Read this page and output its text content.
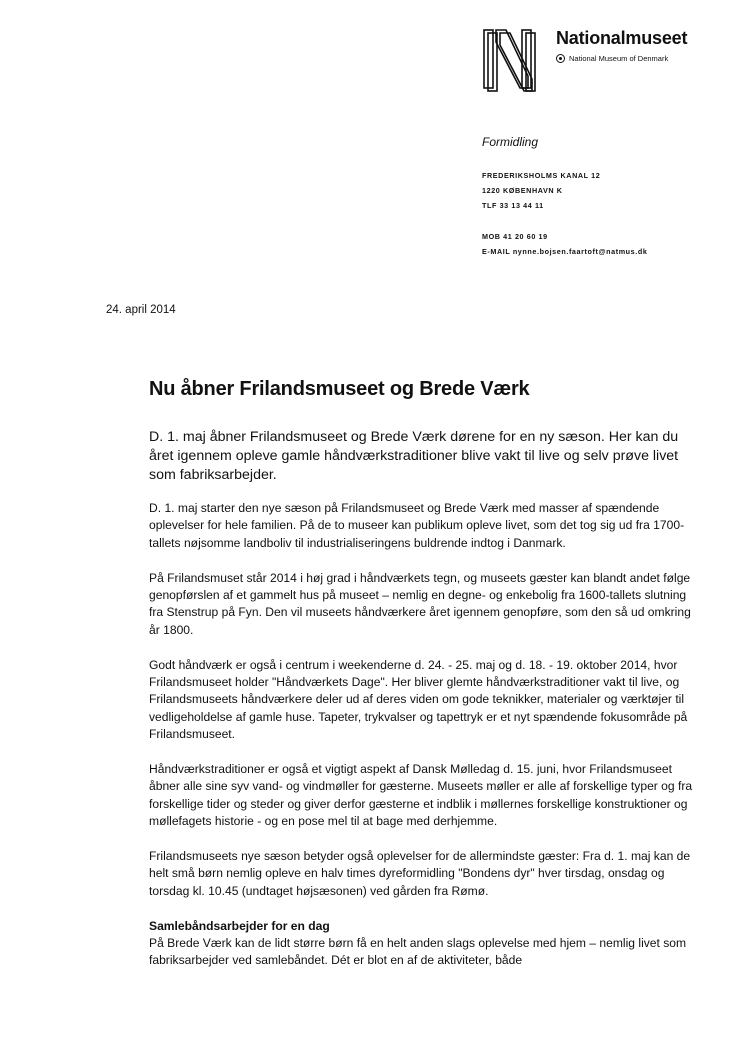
Nationalmuseet
National Museum of Denmark
Formidling
FREDERIKSHOLMS KANAL 12
1220 KØBENHAVN K
TLF 33 13 44 11
MOB 41 20 60 19
E-MAIL nynne.bojsen.faartoft@natmus.dk
24. april 2014
Nu åbner Frilandsmuseet og Brede Værk

D. 1. maj åbner Frilandsmuseet og Brede Værk dørene for en ny sæson. Her kan du året igennem opleve gamle håndværkstraditioner blive vakt til live og selv prøve livet som fabriksarbejder.

D. 1. maj starter den nye sæson på Frilandsmuseet og Brede Værk med masser af spændende oplevelser for hele familien. På de to museer kan publikum opleve livet, som det tog sig ud fra 1700-tallets nøjsomme landboliv til industrialiseringens buldrende indtog i Danmark.

På Frilandsmuset står 2014 i høj grad i håndværkets tegn, og museets gæster kan blandt andet følge genopførslen af et gammelt hus på museet – nemlig en degne- og enkebolig fra 1600-tallets slutning fra Stenstrup på Fyn. Den vil museets håndværkere året igennem genopføre, som den så ud omkring år 1800.

Godt håndværk er også i centrum i weekenderne d. 24. - 25. maj og d. 18. - 19. oktober 2014, hvor Frilandsmuseet holder "Håndværkets Dage". Her bliver glemte håndværkstraditioner vakt til live, og Frilandsmuseets håndværkere deler ud af deres viden om gode teknikker, materialer og værktøjer til vedligeholdelse af gamle huse. Tapeter, trykvalser og tapettryk er et nyt spændende fokusområde på Frilandsmuseet.

Håndværkstraditioner er også et vigtigt aspekt af Dansk Mølledag d. 15. juni, hvor Frilandsmuseet åbner alle sine syv vand- og vindmøller for gæsterne. Museets møller er alle af forskellige typer og fra forskellige tider og steder og giver derfor gæsterne et indblik i møllernes forskellige konstruktioner og møllefagets historie - og en pose mel til at bage med derhjemme.

Frilandsmuseets nye sæson betyder også oplevelser for de allermindste gæster: Fra d. 1. maj kan de helt små børn nemlig opleve en halv times dyreformidling "Bondens dyr" hver tirsdag, onsdag og torsdag kl. 10.45 (undtaget højsæsonen) ved gården fra Rømø.

Samlebåndsarbejder for en dag

På Brede Værk kan de lidt større børn få en helt anden slags oplevelse med hjem – nemlig livet som fabriksarbejder ved samlebåndet. Dét er blot en af de aktiviteter, både
